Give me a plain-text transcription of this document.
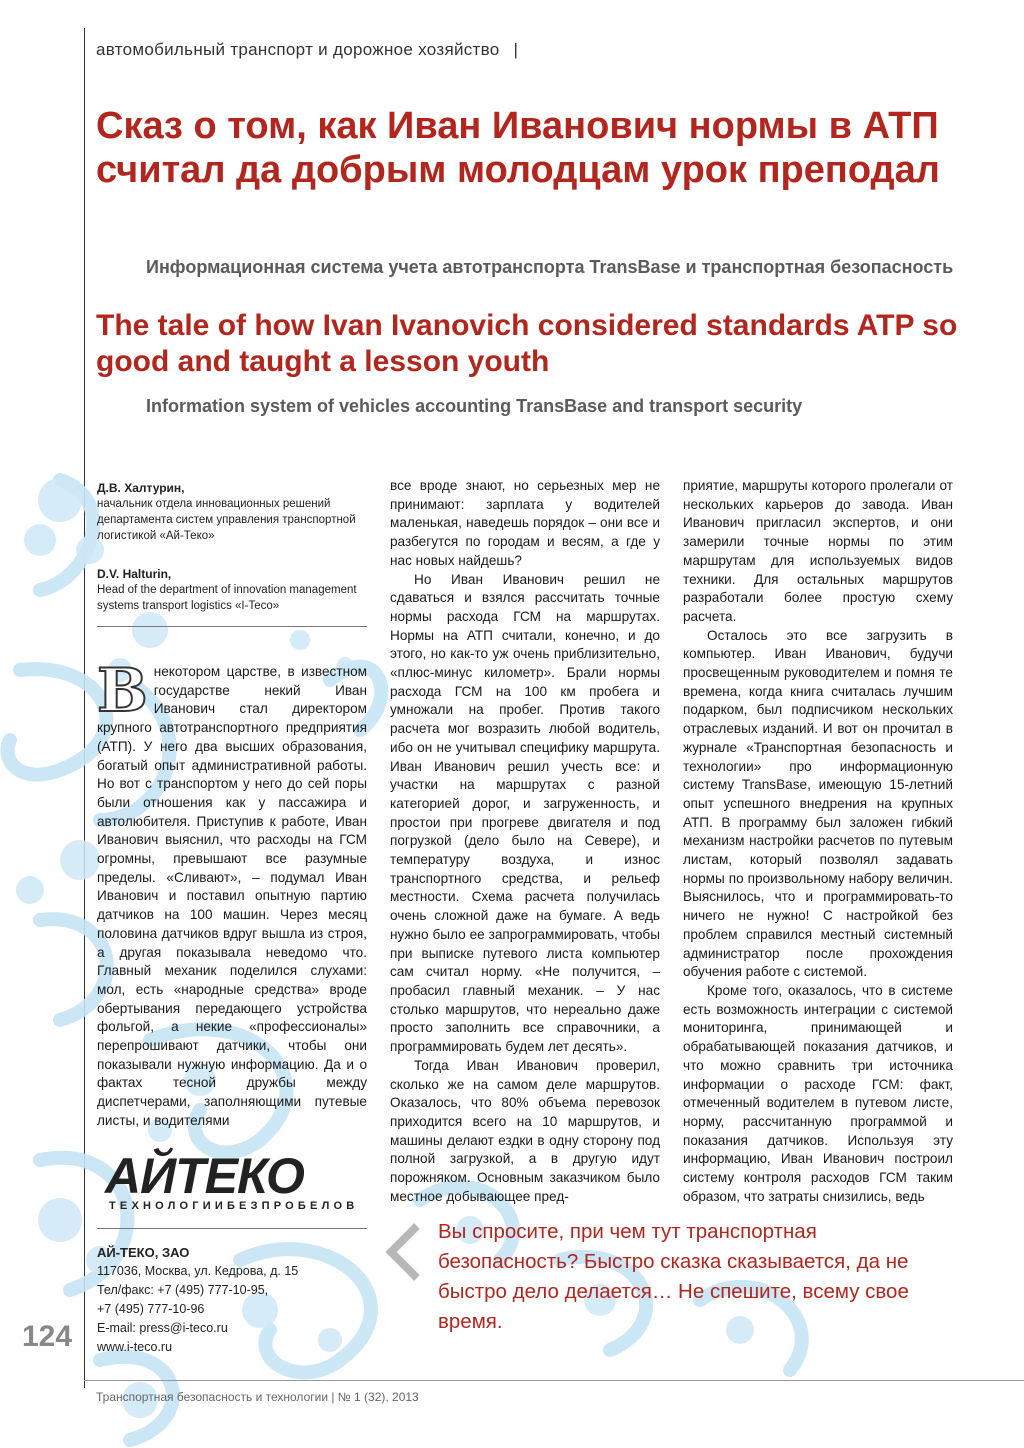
автомобильный транспорт и дорожное хозяйство |
Сказ о том, как Иван Иванович нормы в АТП считал да добрым молодцам урок преподал
Информационная система учета автотранспорта TransBase и транспортная безопасность
The tale of how Ivan Ivanovich considered standards ATP so good and taught a lesson youth
Information system of vehicles accounting TransBase and transport security
Д.В. Халтурин,
начальник отдела инновационных решений департамента систем управления транспортной логистикой «Ай-Теко»
D.V. Halturin,
Head of the department of innovation management systems transport logistics «I-Teco»
В некотором царстве, в известном государстве некий Иван Иванович стал директором крупного автотранспортного предприятия (АТП). У него два высших образования, богатый опыт административной работы. Но вот с транспортом у него до сей поры были отношения как у пассажира и автолюбителя. Приступив к работе, Иван Иванович выяснил, что расходы на ГСМ огромны, превышают все разумные пределы. «Сливают», – подумал Иван Иванович и поставил опытную партию датчиков на 100 машин. Через месяц половина датчиков вдруг вышла из строя, а другая показывала неведомо что. Главный механик поделился слухами: мол, есть «народные средства» вроде обертывания передающего устройства фольгой, а некие «профессионалы» перепрошивают датчики, чтобы они показывали нужную информацию. Да и о фактах тесной дружбы между диспетчерами, заполняющими путевые листы, и водителями

все вроде знают, но серьезных мер не принимают: зарплата у водителей маленькая, наведешь порядок – они все и разбегутся по городам и весям, а где у нас новых найдешь?

Но Иван Иванович решил не сдаваться и взялся рассчитать точные нормы расхода ГСМ на маршрутах. Нормы на АТП считали, конечно, и до этого, но как-то уж очень приблизительно, «плюс-минус километр». Брали нормы расхода ГСМ на 100 км пробега и умножали на пробег. Против такого расчета мог возразить любой водитель, ибо он не учитывал специфику маршрута. Иван Иванович решил учесть все: и участки на маршрутах с разной категорией дорог, и загруженность, и простои при прогреве двигателя и под погрузкой (дело было на Севере), и температуру воздуха, и износ транспортного средства, и рельеф местности. Схема расчета получилась очень сложной даже на бумаге. А ведь нужно было ее запрограммировать, чтобы при выписке путевого листа компьютер сам считал норму. «Не получится, – пробасил главный механик. – У нас столько маршрутов, что нереально даже просто заполнить все справочники, а программировать будем лет десять».

Тогда Иван Иванович проверил, сколько же на самом деле маршрутов. Оказалось, что 80% объема перевозок приходится всего на 10 маршрутов, и машины делают ездки в одну сторону под полной загрузкой, а в другую идут порожняком. Основным заказчиком было местное добывающее пред-

приятие, маршруты которого пролегали от нескольких карьеров до завода. Иван Иванович пригласил экспертов, и они замерили точные нормы по этим маршрутам для используемых видов техники. Для остальных маршрутов разработали более простую схему расчета.

Осталось это все загрузить в компьютер. Иван Иванович, будучи просвещенным руководителем и помня те времена, когда книга считалась лучшим подарком, был подписчиком нескольких отраслевых изданий. И вот он прочитал в журнале «Транспортная безопасность и технологии» про информационную систему TransBase, имеющую 15-летний опыт успешного внедрения на крупных АТП. В программу был заложен гибкий механизм настройки расчетов по путевым листам, который позволял задавать нормы по произвольному набору величин. Выяснилось, что и программировать-то ничего не нужно! С настройкой без проблем справился местный системный администратор после прохождения обучения работе с системой.

Кроме того, оказалось, что в системе есть возможность интеграции с системой мониторинга, принимающей и обрабатывающей показания датчиков, и что можно сравнить три источника информации о расходе ГСМ: факт, отмеченный водителем в путевом листе, норму, рассчитанную программой и показания датчиков. Используя эту информацию, Иван Иванович построил систему контроля расходов ГСМ таким образом, что затраты снизились, ведь

АЙТЕКО
ТЕХНОЛОГИИБЕЗПРОБЕЛОВ
АЙ-ТЕКО, ЗАО
117036, Москва, ул. Кедрова, д. 15
Тел/факс: +7 (495) 777-10-95,
+7 (495) 777-10-96
E-mail: press@i-teco.ru
www.i-teco.ru
124
Вы спросите, при чем тут транспортная безопасность? Быстро сказка сказывается, да не быстро дело делается… Не спешите, всему свое время.
Транспортная безопасность и технологии | № 1 (32), 2013
